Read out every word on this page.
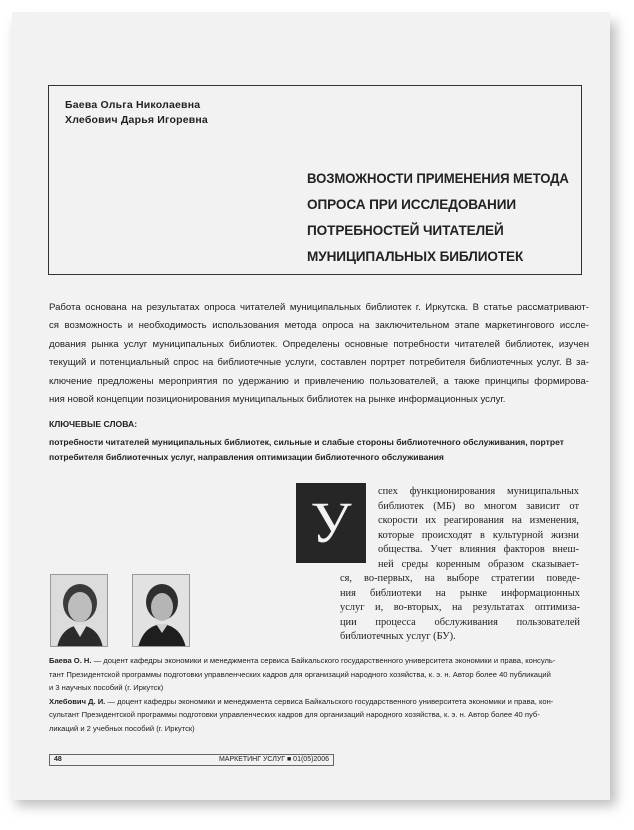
Баева Ольга Николаевна
Хлебович Дарья Игоревна
ВОЗМОЖНОСТИ ПРИМЕНЕНИЯ МЕТОДА
ОПРОСА ПРИ ИССЛЕДОВАНИИ
ПОТРЕБНОСТЕЙ ЧИТАТЕЛЕЙ
МУНИЦИПАЛЬНЫХ БИБЛИОТЕК
Работа основана на результатах опроса читателей муниципальных библиотек г. Иркутска. В статье рассматривают-
ся возможность и необходимость использования метода опроса на заключительном этапе маркетингового иссле-
дования рынка услуг муниципальных библиотек. Определены основные потребности читателей библиотек, изучен
текущий и потенциальный спрос на библиотечные услуги, составлен портрет потребителя библиотечных услуг. В за-
ключение предложены мероприятия по удержанию и привлечению пользователей, а также принципы формирова-
ния новой концепции позиционирования муниципальных библиотек на рынке информационных услуг.
КЛЮЧЕВЫЕ СЛОВА:
потребности читателей муниципальных библиотек, сильные и слабые стороны библиотечного обслуживания, портрет
потребителя библиотечных услуг, направления оптимизации библиотечного обслуживания
У	спех функционирования муниципальных
библиотек (МБ) во многом зависит от
скорости их реагирования на изменения,
которые происходят в культурной жизни
общества. Учет влияния факторов внеш-
ней среды коренным образом сказывает-
ся, во-первых, на выборе стратегии поведе-
ния библиотеки на рынке информационных
услуг и, во-вторых, на результатах оптимиза-
ции процесса обслуживания пользователей
библиотечных услуг (БУ).
Баева О. Н. — доцент кафедры экономики и менеджмента сервиса Байкальского государственного университета экономики и права, консуль-
тант Президентской программы подготовки управленческих кадров для организаций народного хозяйства, к. э. н. Автор более 40 публикаций
и 3 научных пособий (г. Иркутск)
Хлебович Д. И. — доцент кафедры экономики и менеджмента сервиса Байкальского государственного университета экономики и права, кон-
сультант Президентской программы подготовки управленческих кадров для организаций народного хозяйства, к. э. н. Автор более 40 пуб-
ликаций и 2 учебных пособий (г. Иркутск)
48	МАРКЕТИНГ УСЛУГ ■ 01(05)2006
